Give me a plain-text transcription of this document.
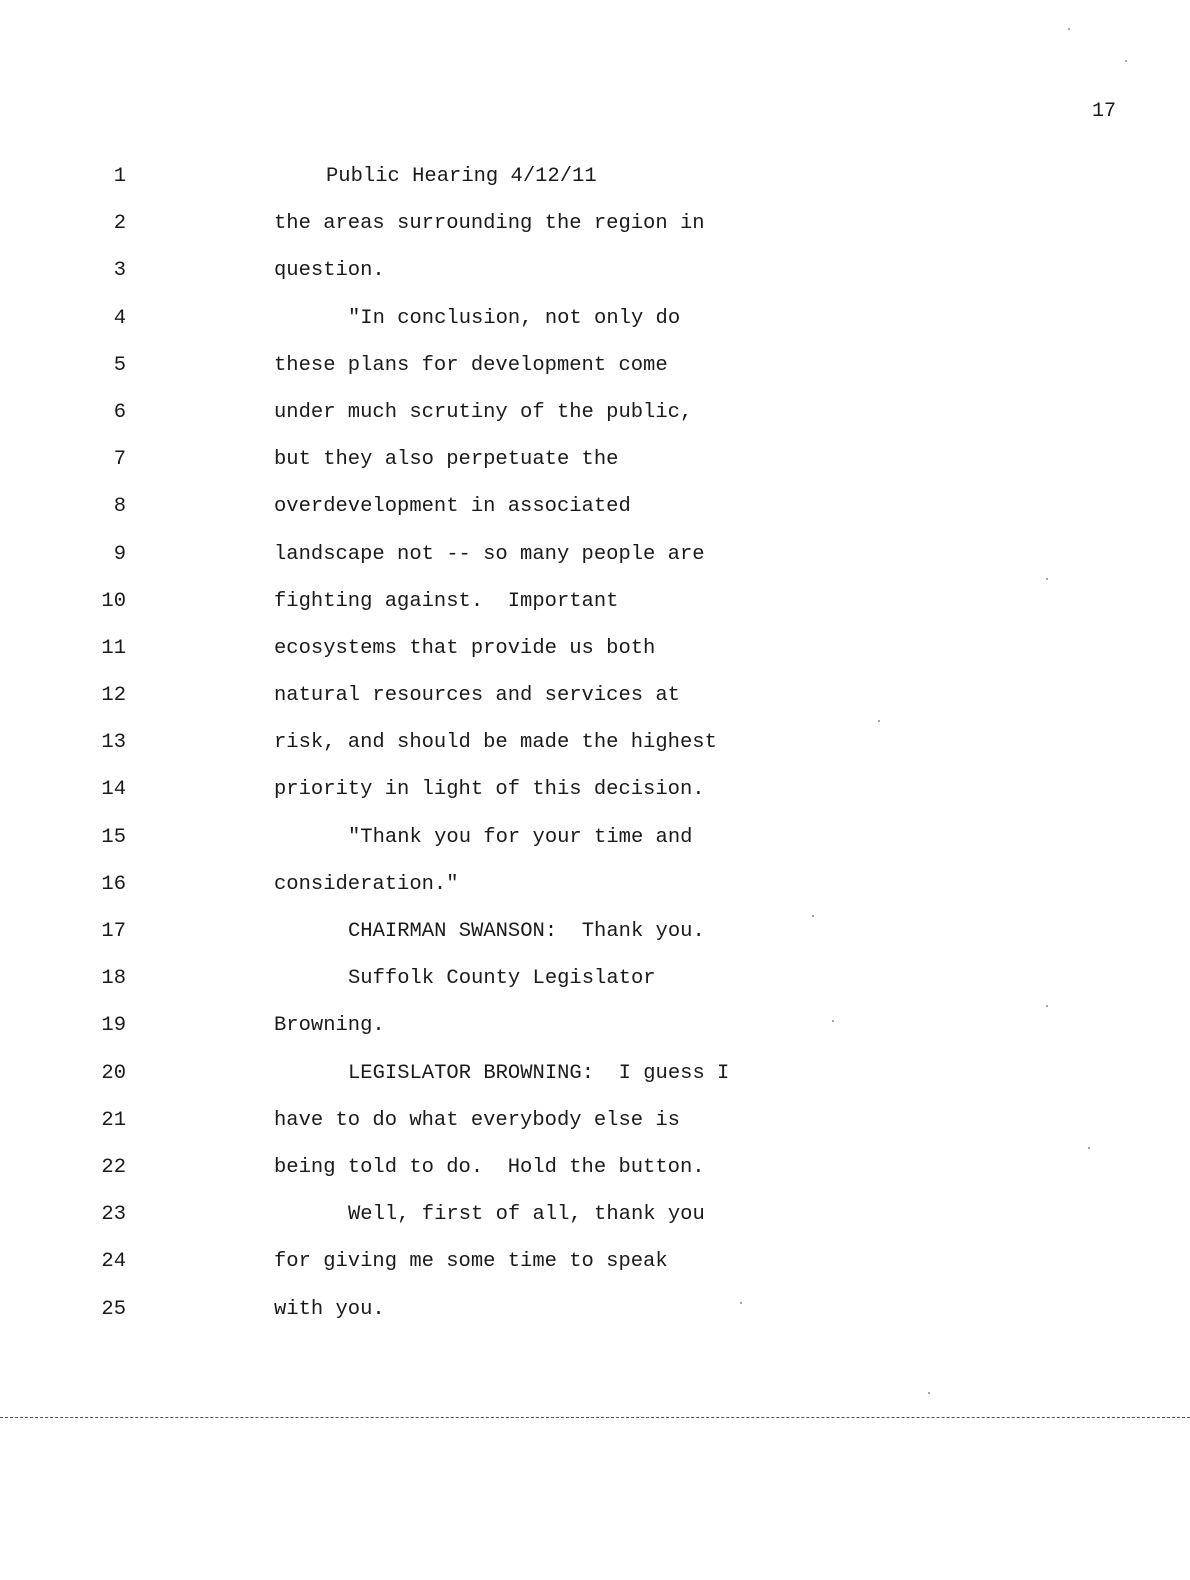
17
1	Public Hearing 4/12/11
2	the areas surrounding the region in
3	question.
4	"In conclusion, not only do
5	these plans for development come
6	under much scrutiny of the public,
7	but they also perpetuate the
8	overdevelopment in associated
9	landscape not -- so many people are
10	fighting against.  Important
11	ecosystems that provide us both
12	natural resources and services at
13	risk, and should be made the highest
14	priority in light of this decision.
15	"Thank you for your time and
16	consideration."
17	CHAIRMAN SWANSON:  Thank you.
18	Suffolk County Legislator
19	Browning.
20	LEGISLATOR BROWNING:  I guess I
21	have to do what everybody else is
22	being told to do.  Hold the button.
23	Well, first of all, thank you
24	for giving me some time to speak
25	with you.
